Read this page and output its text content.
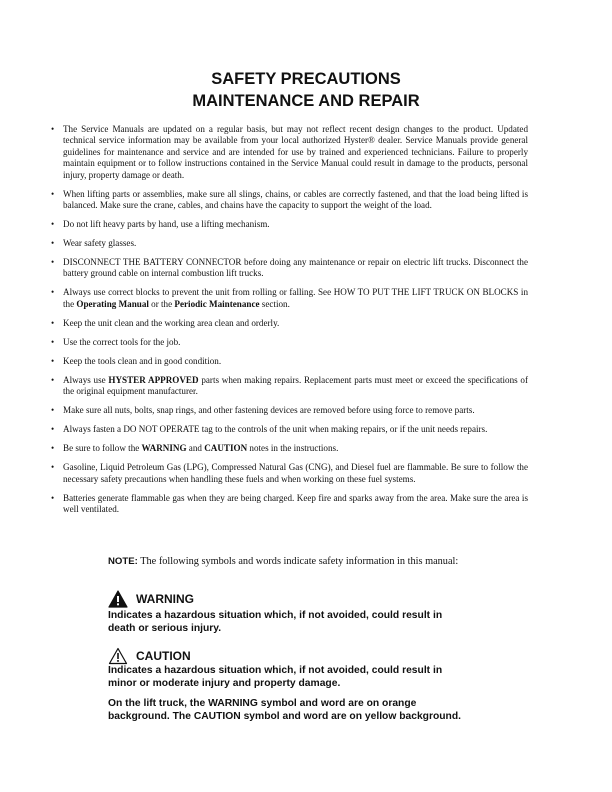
SAFETY PRECAUTIONS
MAINTENANCE AND REPAIR
• The Service Manuals are updated on a regular basis, but may not reflect recent design changes to the product. Updated technical service information may be available from your local authorized Hyster® dealer. Service Manuals provide general guidelines for maintenance and service and are intended for use by trained and experienced technicians. Failure to properly maintain equipment or to follow instructions contained in the Service Manual could result in damage to the products, personal injury, property damage or death.
• When lifting parts or assemblies, make sure all slings, chains, or cables are correctly fastened, and that the load being lifted is balanced. Make sure the crane, cables, and chains have the capacity to support the weight of the load.
• Do not lift heavy parts by hand, use a lifting mechanism.
• Wear safety glasses.
• DISCONNECT THE BATTERY CONNECTOR before doing any maintenance or repair on electric lift trucks. Disconnect the battery ground cable on internal combustion lift trucks.
• Always use correct blocks to prevent the unit from rolling or falling. See HOW TO PUT THE LIFT TRUCK ON BLOCKS in the Operating Manual or the Periodic Maintenance section.
• Keep the unit clean and the working area clean and orderly.
• Use the correct tools for the job.
• Keep the tools clean and in good condition.
• Always use HYSTER APPROVED parts when making repairs. Replacement parts must meet or exceed the specifications of the original equipment manufacturer.
• Make sure all nuts, bolts, snap rings, and other fastening devices are removed before using force to remove parts.
• Always fasten a DO NOT OPERATE tag to the controls of the unit when making repairs, or if the unit needs repairs.
• Be sure to follow the WARNING and CAUTION notes in the instructions.
• Gasoline, Liquid Petroleum Gas (LPG), Compressed Natural Gas (CNG), and Diesel fuel are flammable. Be sure to follow the necessary safety precautions when handling these fuels and when working on these fuel systems.
• Batteries generate flammable gas when they are being charged. Keep fire and sparks away from the area. Make sure the area is well ventilated.
NOTE: The following symbols and words indicate safety information in this manual:
WARNING
Indicates a hazardous situation which, if not avoided, could result in death or serious injury.
CAUTION
Indicates a hazardous situation which, if not avoided, could result in minor or moderate injury and property damage.
On the lift truck, the WARNING symbol and word are on orange background. The CAUTION symbol and word are on yellow background.
